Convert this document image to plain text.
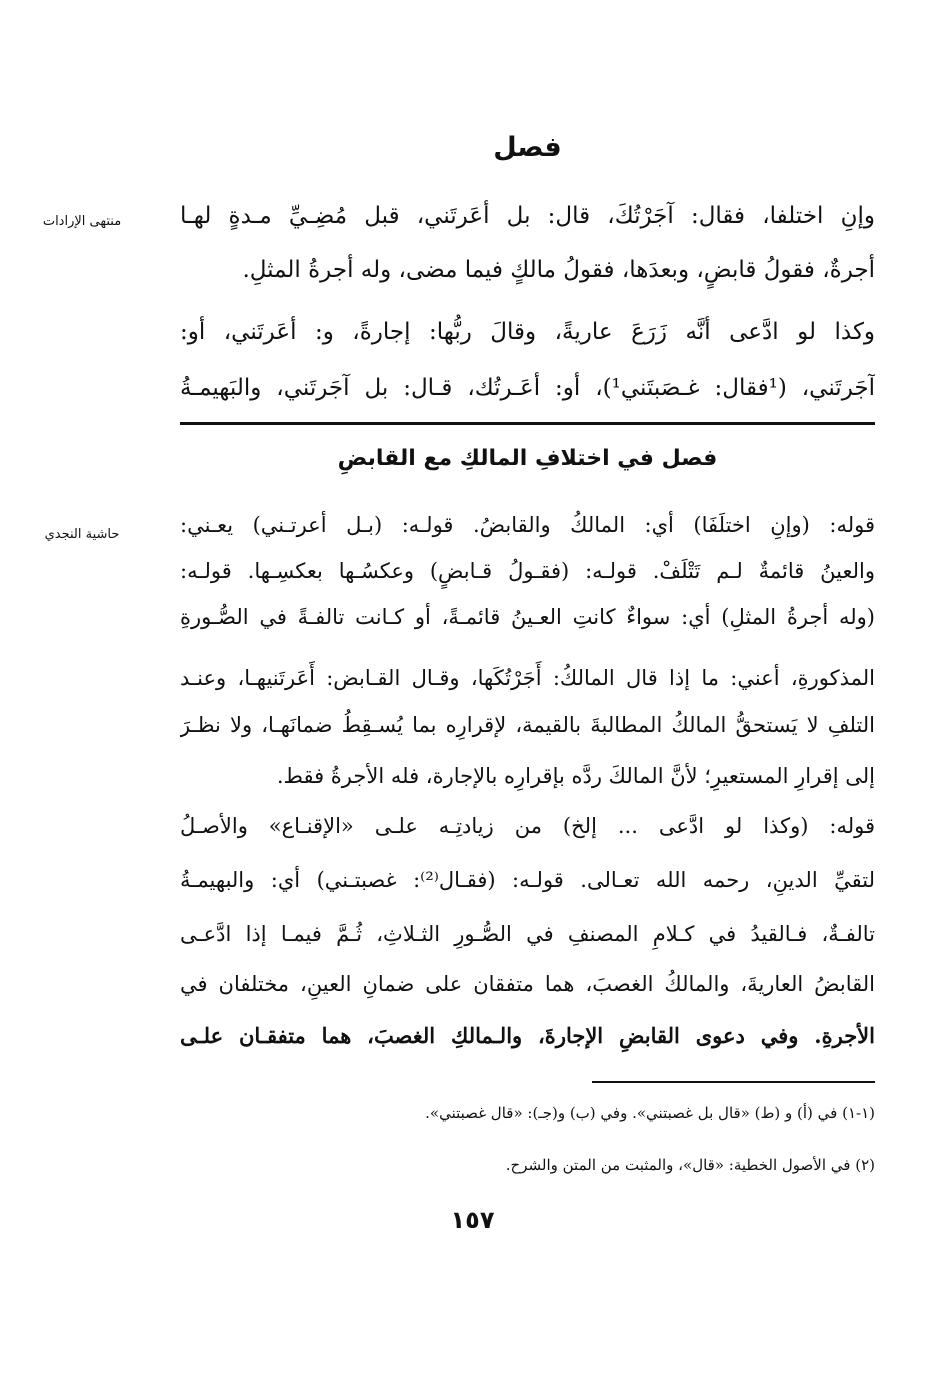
فصل
منتهى الإرادات	وإنِ اختلفا، فقال: آجَرْتُكَ، قال: بل أعَرتَني، قبل مُضِـيِّ مـدةٍ لهـا
أجرةٌ، فقولُ قابضٍ، وبعدَها، فقولُ مالكٍ فيما مضى، وله أجرةُ المثلِ.
وكذا لو ادَّعى أنَّه زَرَعَ عاريةً، وقالَ ربُّها: إجارةً، و: أعَرتَني، أو:
آجَرتَني، (¹فقال: غـصَبتَني¹)، أو: أعَـرتُك، قـال: بل آجَرتَني، والبَهيمـةُ
فصل في اختلافِ المالكِ مع القابضِ
حاشية النجدي	قوله: (وإنِ اختلَفَا) أي: المالكُ والقابضُ. قولـه: (بـل أعرتـني) يعـني:
والعينُ قائمةٌ لـم تَتْلَفْ. قولـه: (فقـولُ قـابضٍ) وعكسُـها بعكسِـها. قولـه:
(وله أجرةُ المثلِ) أي: سواءٌ كانتِ العـينُ قائمـةً، أو كـانت تالفـةً في الصُّـورةِ
المذكورةِ، أعني: ما إذا قال المالكُ: أَجَرْتُكَها، وقـال القـابض: أَعَرتَنيهـا، وعنـد
التلفِ لا يَستحقُّ المالكُ المطالبةَ بالقيمة، لإقرارِه بما يُسـقِطُ ضمانَهـا، ولا نظـرَ
إلى إقرارِ المستعيرِ؛ لأنَّ المالكَ ردَّه بإقرارِه بالإجارة، فله الأجرةُ فقط.
قوله: (وكذا لو ادَّعى ... إلخ) من زيادتِـه علـى «الإقنـاع» والأصـلُ
لتقيِّ الدينِ، رحمه الله تعـالى. قولـه: (فقـال⁽²⁾: غصبتـني) أي: والبهيمـةُ
تالفـةٌ، فـالقيدُ في كـلامِ المصنفِ في الصُّـورِ الثـلاثِ، ثُـمَّ فيمـا إذا ادَّعـى
القابضُ العاريةَ، والمالكُ الغصبَ، هما متفقان على ضمانِ العينِ، مختلفان في
الأجرةِ. وفي دعوى القابضِ الإجارةَ، والـمالكِ الغصبَ، هما متفقـان علـى
(١-١) في (أ) و (ط) «قال بل غصبتني». وفي (ب) و(جـ): «قال غصبتني».
(٢) في الأصول الخطية: «قال»، والمثبت من المتن والشرح.
١٥٧
